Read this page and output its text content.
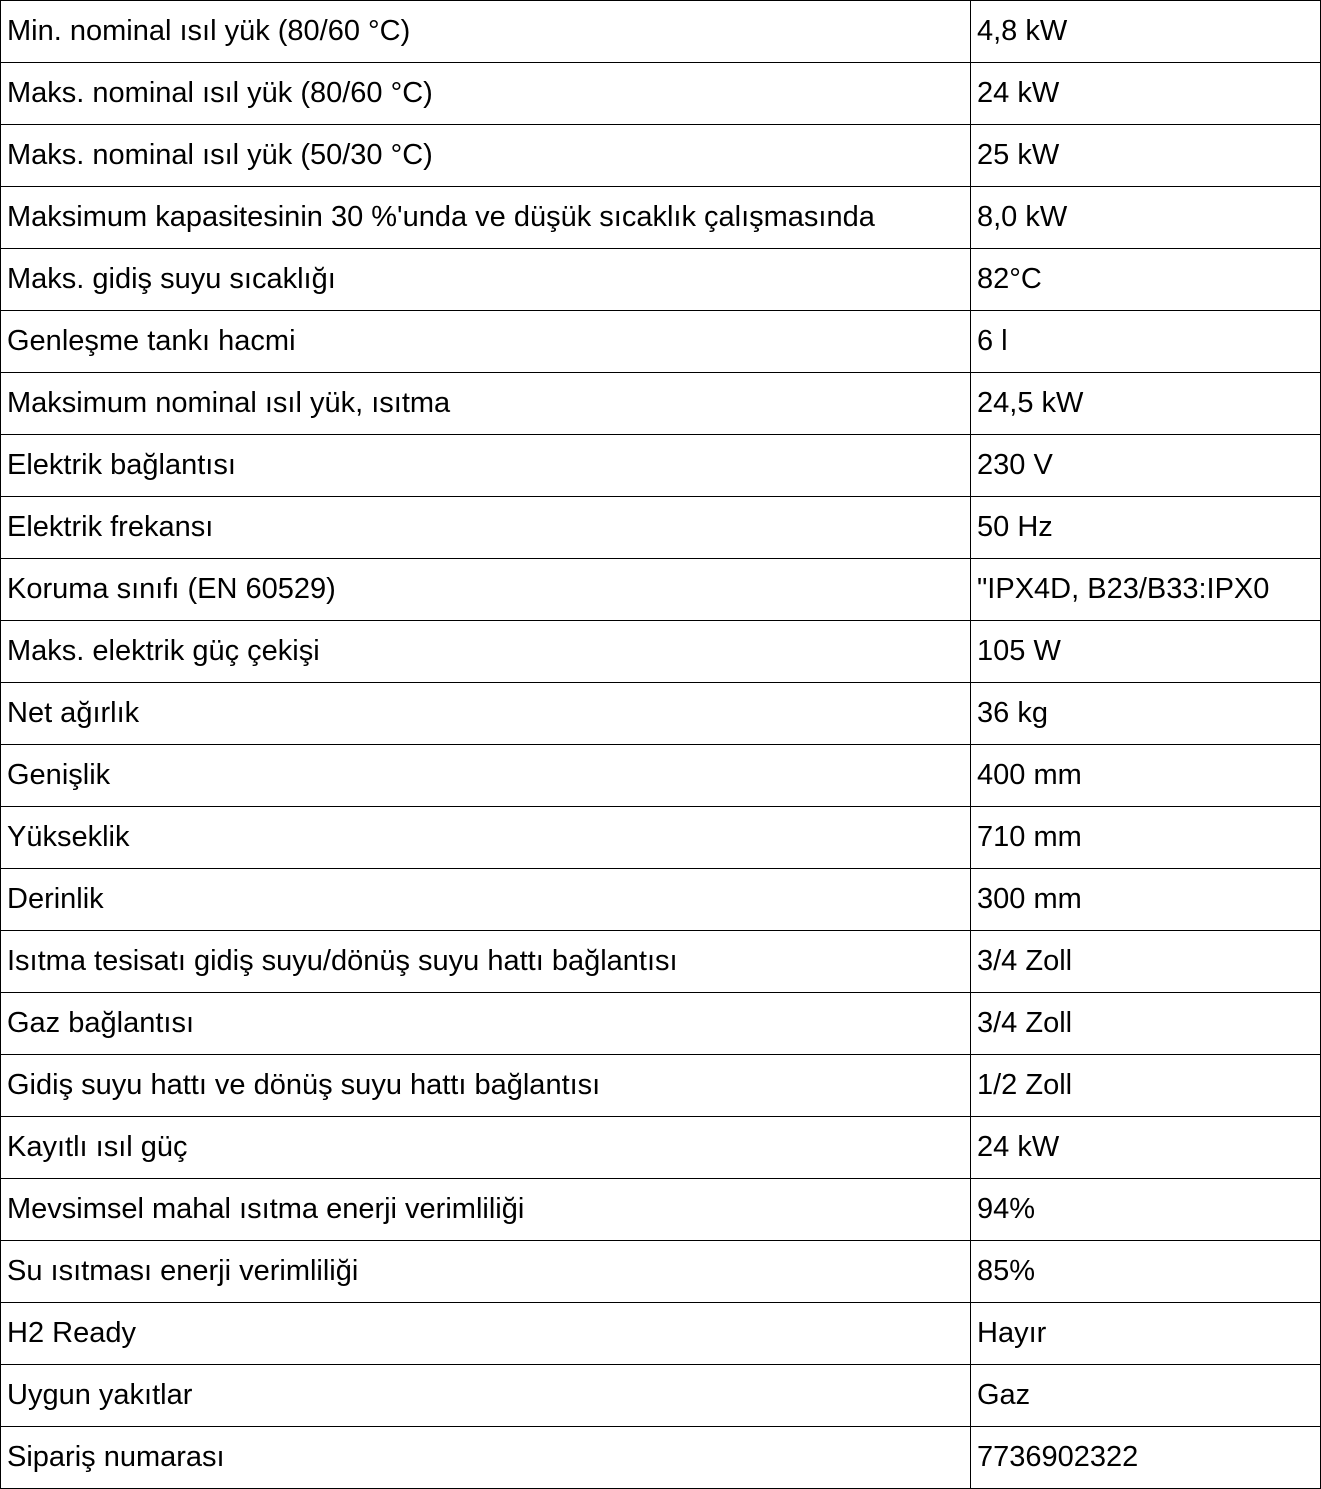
Min. nominal ısıl yük (80/60 °C)	4,8 kW
Maks. nominal ısıl yük (80/60 °C)	24 kW
Maks. nominal ısıl yük (50/30 °C)	25 kW
Maksimum kapasitesinin 30 %'unda ve düşük sıcaklık çalışmasında	8,0 kW
Maks. gidiş suyu sıcaklığı	82°C
Genleşme tankı hacmi	6 l
Maksimum nominal ısıl yük, ısıtma	24,5 kW
Elektrik bağlantısı	230 V
Elektrik frekansı	50 Hz
Koruma sınıfı (EN 60529)	"IPX4D, B23/B33:IPX0
Maks. elektrik güç çekişi	105 W
Net ağırlık	36 kg
Genişlik	400 mm
Yükseklik	710 mm
Derinlik	300 mm
Isıtma tesisatı gidiş suyu/dönüş suyu hattı bağlantısı	3/4 Zoll
Gaz bağlantısı	3/4 Zoll
Gidiş suyu hattı ve dönüş suyu hattı bağlantısı	1/2 Zoll
Kayıtlı ısıl güç	24 kW
Mevsimsel mahal ısıtma enerji verimliliği	94%
Su ısıtması enerji verimliliği	85%
H2 Ready	Hayır
Uygun yakıtlar	Gaz
Sipariş numarası	7736902322
